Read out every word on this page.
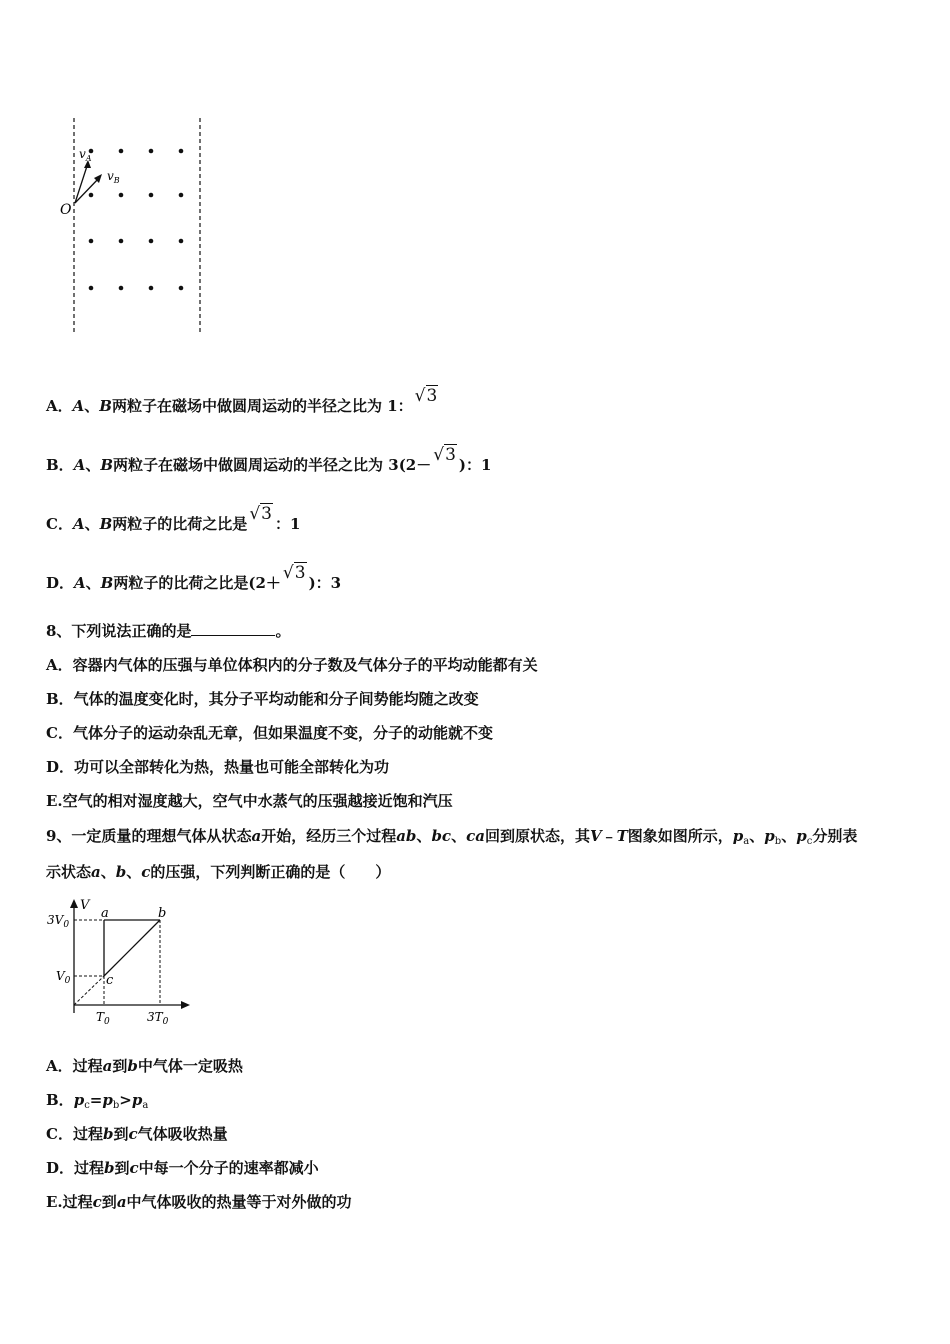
O
$v_A$
$v_B$
A．A、B两粒子在磁场中做圆周运动的半径之比为 1： √3
B．A、B两粒子在磁场中做圆周运动的半径之比为 3(2－ √3 )：1
C．A、B两粒子的比荷之比是 √3 ：1
D．A、B两粒子的比荷之比是(2＋ √3 )：3
8、下列说法正确的是	。
A．容器内气体的压强与单位体积内的分子数及气体分子的平均动能都有关
B．气体的温度变化时，其分子平均动能和分子间势能均随之改变
C．气体分子的运动杂乱无章，但如果温度不变，分子的动能就不变
D．功可以全部转化为热，热量也可能全部转化为功
E.空气的相对湿度越大，空气中水蒸气的压强越接近饱和汽压
9、一定质量的理想气体从状态a开始，经历三个过程ab、bc、ca回到原状态，其V﹣T图象如图所示，$p_a$、$p_b$、$p_c$分别表
示状态a、b、c的压强，下列判断正确的是（　　）
V
a	b
c
$3V_0$
$V_0$
$T_0$	$3T_0$
A．过程a到b中气体一定吸热
B．$p_c=p_b>p_a$
C．过程b到c气体吸收热量
D．过程b到c中每一个分子的速率都减小
E.过程c到a中气体吸收的热量等于对外做的功
